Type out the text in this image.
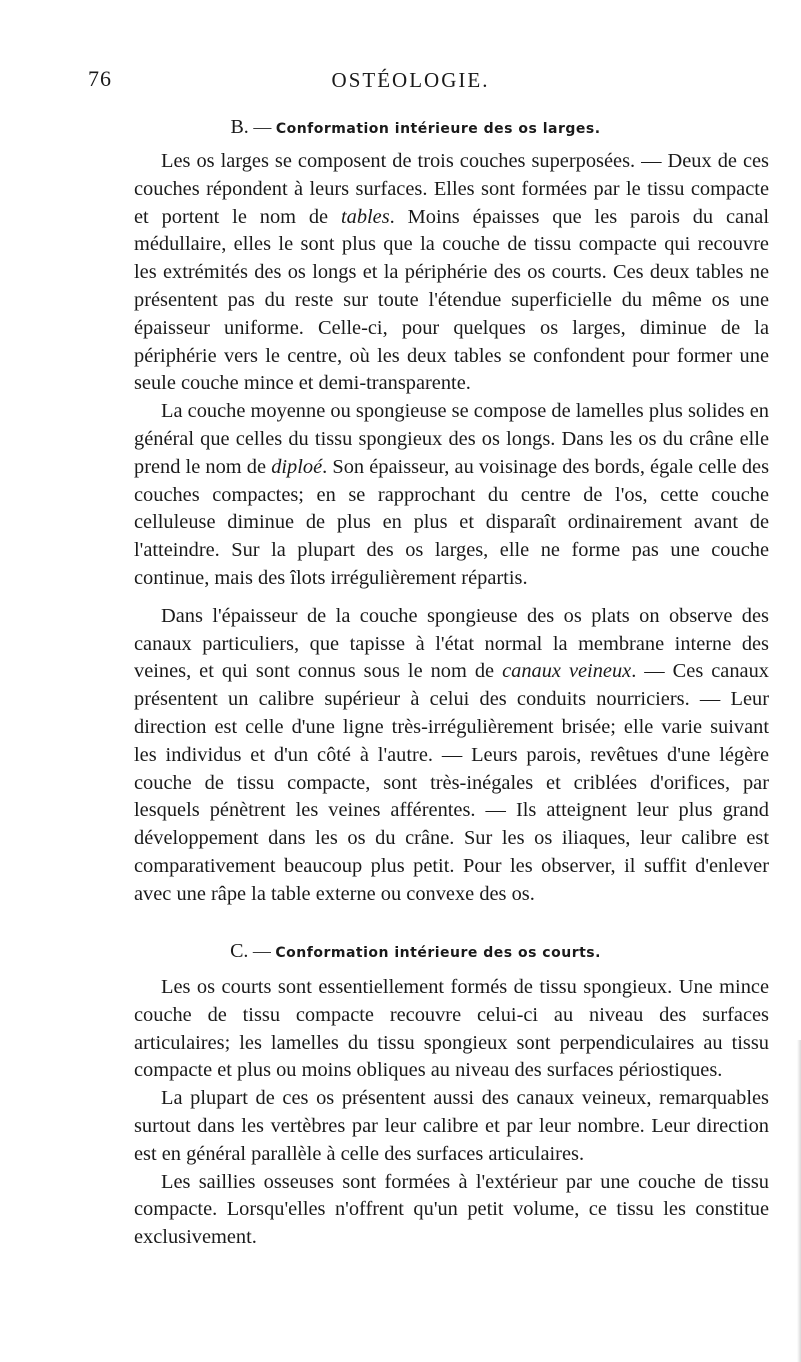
76	OSTÉOLOGIE.
B. — Conformation intérieure des os larges.

Les os larges se composent de trois couches superposées. — Deux de ces couches répondent à leurs surfaces. Elles sont formées par le tissu compacte et portent le nom de tables. Moins épaisses que les parois du canal médullaire, elles le sont plus que la couche de tissu compacte qui recouvre les extrémités des os longs et la périphérie des os courts. Ces deux tables ne présentent pas du reste sur toute l'étendue superficielle du même os une épaisseur uniforme. Celle-ci, pour quelques os larges, diminue de la périphérie vers le centre, où les deux tables se confondent pour former une seule couche mince et demi-transparente.

La couche moyenne ou spongieuse se compose de lamelles plus solides en général que celles du tissu spongieux des os longs. Dans les os du crâne elle prend le nom de diploé. Son épaisseur, au voisinage des bords, égale celle des couches compactes; en se rapprochant du centre de l'os, cette couche celluleuse diminue de plus en plus et disparaît ordinairement avant de l'atteindre. Sur la plupart des os larges, elle ne forme pas une couche continue, mais des îlots irrégulièrement répartis.

Dans l'épaisseur de la couche spongieuse des os plats on observe des canaux particuliers, que tapisse à l'état normal la membrane interne des veines, et qui sont connus sous le nom de canaux veineux. — Ces canaux présentent un calibre supérieur à celui des conduits nourriciers. — Leur direction est celle d'une ligne très-irrégulièrement brisée; elle varie suivant les individus et d'un côté à l'autre. — Leurs parois, revêtues d'une légère couche de tissu compacte, sont très-inégales et criblées d'orifices, par lesquels pénètrent les veines afférentes. — Ils atteignent leur plus grand développement dans les os du crâne. Sur les os iliaques, leur calibre est comparativement beaucoup plus petit. Pour les observer, il suffit d'enlever avec une râpe la table externe ou convexe des os.

C. — Conformation intérieure des os courts.

Les os courts sont essentiellement formés de tissu spongieux. Une mince couche de tissu compacte recouvre celui-ci au niveau des surfaces articulaires; les lamelles du tissu spongieux sont perpendiculaires au tissu compacte et plus ou moins obliques au niveau des surfaces périostiques.

La plupart de ces os présentent aussi des canaux veineux, remarquables surtout dans les vertèbres par leur calibre et par leur nombre. Leur direction est en général parallèle à celle des surfaces articulaires.

Les saillies osseuses sont formées à l'extérieur par une couche de tissu compacte. Lorsqu'elles n'offrent qu'un petit volume, ce tissu les constitue exclusivement.
